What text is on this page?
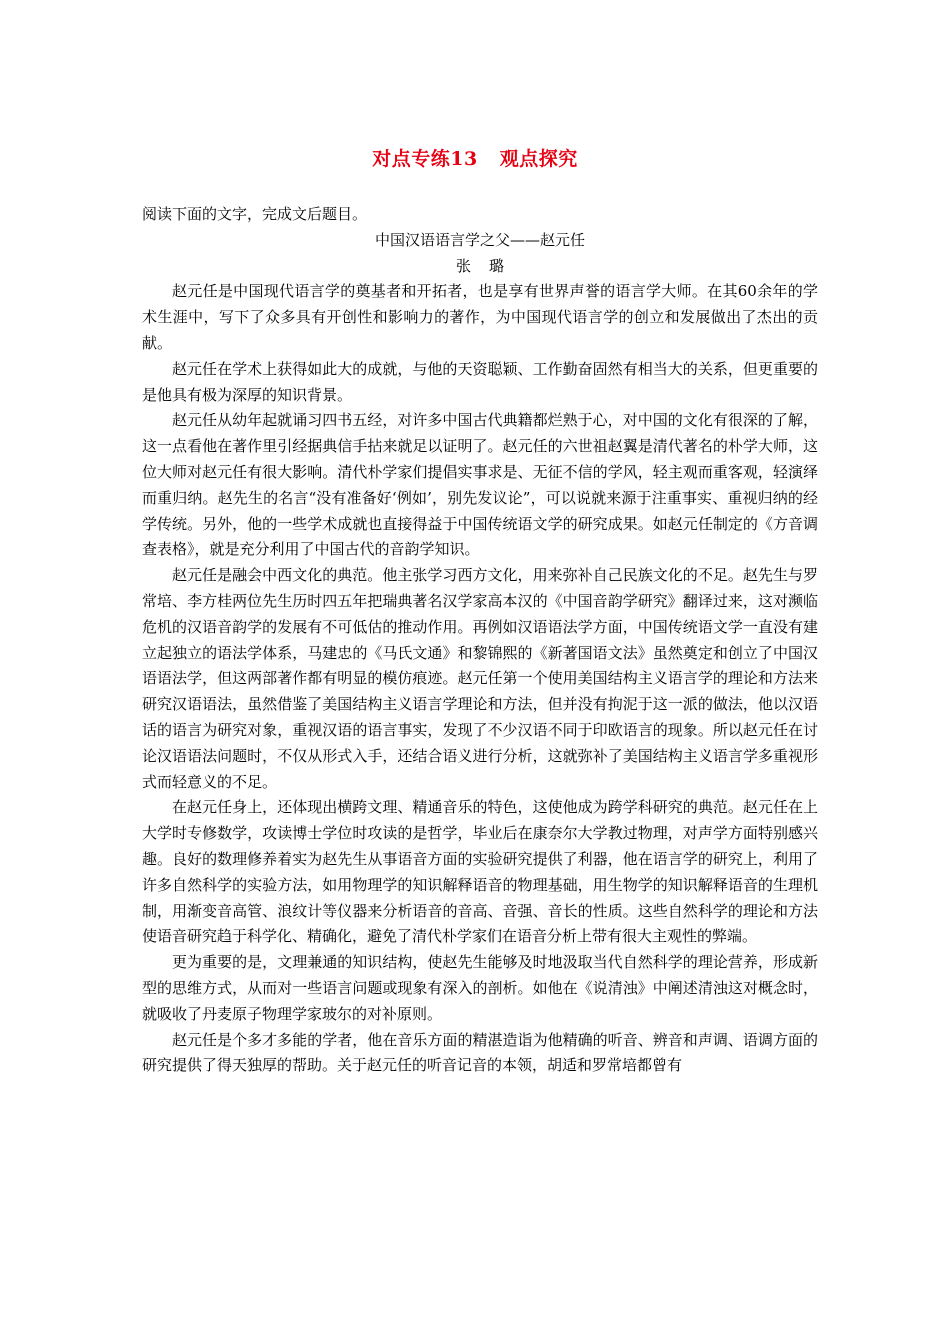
对点专练13 观点探究

阅读下面的文字，完成文后题目。

中国汉语语言学之父——赵元任

张 璐

赵元任是中国现代语言学的奠基者和开拓者，也是享有世界声誉的语言学大师。在其60余年的学术生涯中，写下了众多具有开创性和影响力的著作，为中国现代语言学的创立和发展做出了杰出的贡献。

赵元任在学术上获得如此大的成就，与他的天资聪颖、工作勤奋固然有相当大的关系，但更重要的是他具有极为深厚的知识背景。

赵元任从幼年起就诵习四书五经，对许多中国古代典籍都烂熟于心，对中国的文化有很深的了解，这一点看他在著作里引经据典信手拈来就足以证明了。赵元任的六世祖赵翼是清代著名的朴学大师，这位大师对赵元任有很大影响。清代朴学家们提倡实事求是、无征不信的学风，轻主观而重客观，轻演绎而重归纳。赵先生的名言“没有准备好‘例如’，别先发议论”，可以说就来源于注重事实、重视归纳的经学传统。另外，他的一些学术成就也直接得益于中国传统语文学的研究成果。如赵元任制定的《方音调查表格》，就是充分利用了中国古代的音韵学知识。

赵元任是融会中西文化的典范。他主张学习西方文化，用来弥补自己民族文化的不足。赵先生与罗常培、李方桂两位先生历时四五年把瑞典著名汉学家高本汉的《中国音韵学研究》翻译过来，这对濒临危机的汉语音韵学的发展有不可低估的推动作用。再例如汉语语法学方面，中国传统语文学一直没有建立起独立的语法学体系，马建忠的《马氏文通》和黎锦熙的《新著国语文法》虽然奠定和创立了中国汉语语法学，但这两部著作都有明显的模仿痕迹。赵元任第一个使用美国结构主义语言学的理论和方法来研究汉语语法，虽然借鉴了美国结构主义语言学理论和方法，但并没有拘泥于这一派的做法，他以汉语话的语言为研究对象，重视汉语的语言事实，发现了不少汉语不同于印欧语言的现象。所以赵元任在讨论汉语语法问题时，不仅从形式入手，还结合语义进行分析，这就弥补了美国结构主义语言学多重视形式而轻意义的不足。

在赵元任身上，还体现出横跨文理、精通音乐的特色，这使他成为跨学科研究的典范。赵元任在上大学时专修数学，攻读博士学位时攻读的是哲学，毕业后在康奈尔大学教过物理，对声学方面特别感兴趣。良好的数理修养着实为赵先生从事语音方面的实验研究提供了利器，他在语言学的研究上，利用了许多自然科学的实验方法，如用物理学的知识解释语音的物理基础，用生物学的知识解释语音的生理机制，用渐变音高管、浪纹计等仪器来分析语音的音高、音强、音长的性质。这些自然科学的理论和方法使语音研究趋于科学化、精确化，避免了清代朴学家们在语音分析上带有很大主观性的弊端。

更为重要的是，文理兼通的知识结构，使赵先生能够及时地汲取当代自然科学的理论营养，形成新型的思维方式，从而对一些语言问题或现象有深入的剖析。如他在《说清浊》中阐述清浊这对概念时，就吸收了丹麦原子物理学家玻尔的对补原则。

赵元任是个多才多能的学者，他在音乐方面的精湛造诣为他精确的听音、辨音和声调、语调方面的研究提供了得天独厚的帮助。关于赵元任的听音记音的本领，胡适和罗常培都曾有
